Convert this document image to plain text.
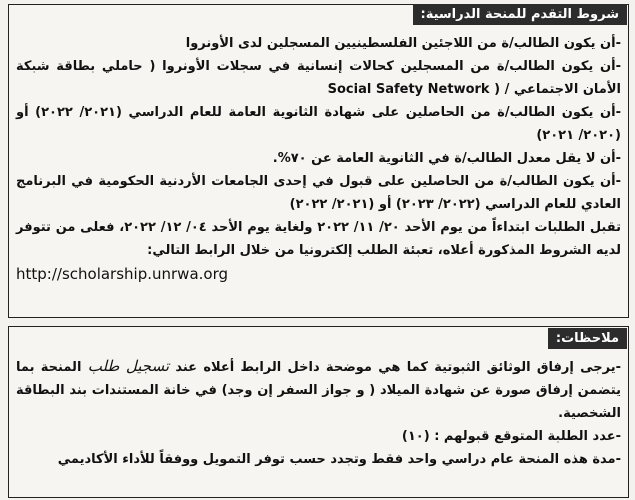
شروط التقدم للمنحة الدراسية:

-أن يكون الطالب/ة من اللاجئين الفلسطينيين المسجلين لدى الأونروا

-أن يكون الطالب/ة من المسجلين كحالات إنسانية في سجلات الأونروا ( حاملي بطاقة شبكة الأمان الاجتماعي / Social Safety Network )

-أن يكون الطالب/ة من الحاصلين على شهادة الثانوية العامة للعام الدراسي (٢٠٢١/ ٢٠٢٢) أو (٢٠٢٠/ ٢٠٢١)

-أن لا يقل معدل الطالب/ة في الثانوية العامة عن ٧٠%.

-أن يكون الطالب/ة من الحاصلين على قبول في إحدى الجامعات الأردنية الحكومية في البرنامج العادي للعام الدراسي (٢٠٢٢/ ٢٠٢٣) أو (٢٠٢١/ ٢٠٢٢)

تقبل الطلبات ابتداءاً من يوم الأحد ٢٠/ ١١/ ٢٠٢٢ ولغاية يوم الأحد ٠٤/ ١٢/ ٢٠٢٢، فعلى من تتوفر لديه الشروط المذكورة أعلاه، تعبئة الطلب إلكترونيا من خلال الرابط التالي:

http://scholarship.unrwa.org
ملاحظات:

-يرجى إرفاق الوثائق الثبوتية كما هي موضحة داخل الرابط أعلاه عند تسجيل طلب المنحة بما يتضمن إرفاق صورة عن شهادة الميلاد ( و جواز السفر إن وجد) في خانة المستندات بند البطاقة الشخصية.

-عدد الطلبة المتوقع قبولهم : (١٠)

-مدة هذه المنحة عام دراسي واحد فقط وتجدد حسب توفر التمويل ووفقاً للأداء الأكاديمي
